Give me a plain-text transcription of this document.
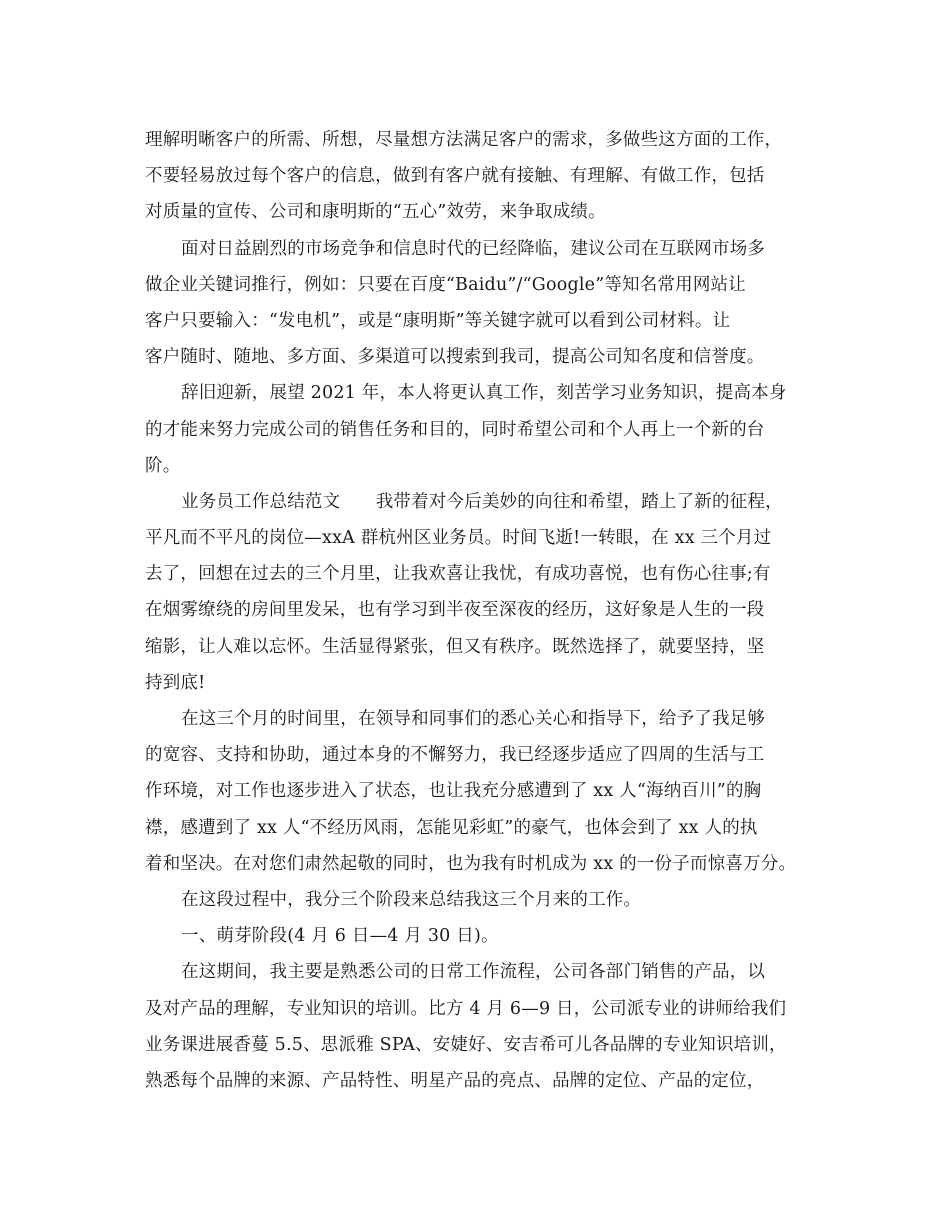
理解明晰客户的所需、所想，尽量想方法满足客户的需求，多做些这方面的工作，
不要轻易放过每个客户的信息，做到有客户就有接触、有理解、有做工作，包括
对质量的宣传、公司和康明斯的“五心”效劳，来争取成绩。
面对日益剧烈的市场竞争和信息时代的已经降临，建议公司在互联网市场多
做企业关键词推行，例如：只要在百度“Baidu”/“Google”等知名常用网站让
客户只要输入：“发电机”，或是“康明斯”等关键字就可以看到公司材料。让
客户随时、随地、多方面、多渠道可以搜索到我司，提高公司知名度和信誉度。
辞旧迎新，展望 2021 年，本人将更认真工作，刻苦学习业务知识，提高本身
的才能来努力完成公司的销售任务和目的，同时希望公司和个人再上一个新的台
阶。
业务员工作总结范文　　我带着对今后美妙的向往和希望，踏上了新的征程，
平凡而不平凡的岗位—xxA 群杭州区业务员。时间飞逝!一转眼，在 xx 三个月过
去了，回想在过去的三个月里，让我欢喜让我忧，有成功喜悦，也有伤心往事;有
在烟雾缭绕的房间里发呆，也有学习到半夜至深夜的经历，这好象是人生的一段
缩影，让人难以忘怀。生活显得紧张，但又有秩序。既然选择了，就要坚持，坚
持到底!
在这三个月的时间里，在领导和同事们的悉心关心和指导下，给予了我足够
的宽容、支持和协助，通过本身的不懈努力，我已经逐步适应了四周的生活与工
作环境，对工作也逐步进入了状态，也让我充分感遭到了 xx 人“海纳百川”的胸
襟，感遭到了 xx 人“不经历风雨，怎能见彩虹”的豪气，也体会到了 xx 人的执
着和坚决。在对您们肃然起敬的同时，也为我有时机成为 xx 的一份子而惊喜万分。
在这段过程中，我分三个阶段来总结我这三个月来的工作。
一、萌芽阶段(4 月 6 日—4 月 30 日)。
在这期间，我主要是熟悉公司的日常工作流程，公司各部门销售的产品，以
及对产品的理解，专业知识的培训。比方 4 月 6—9 日，公司派专业的讲师给我们
业务课进展香蔓 5.5、思派雅 SPA、安婕好、安吉希可儿各品牌的专业知识培训，
熟悉每个品牌的来源、产品特性、明星产品的亮点、品牌的定位、产品的定位，
